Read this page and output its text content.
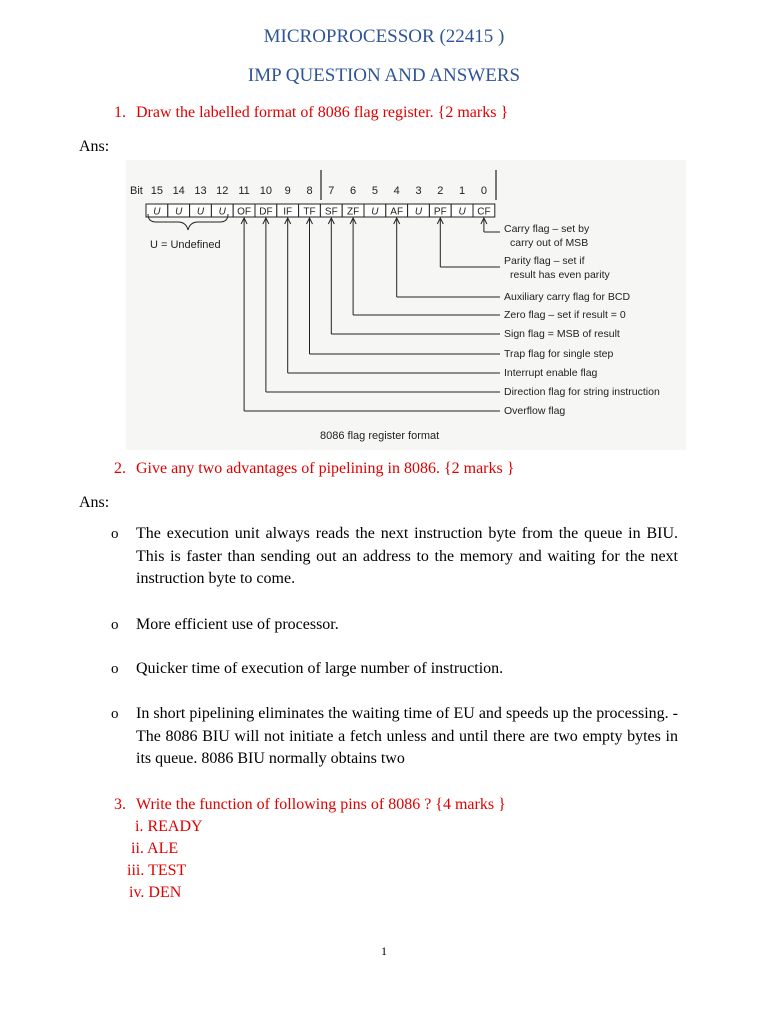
MICROPROCESSOR (22415 )
IMP QUESTION AND ANSWERS
1. Draw the labelled format of 8086 flag register. {2 marks }
Ans:
Bit 15 14 13 12 11 10 9 8 7 6 5 4 3 2 1 0
U U U U OF DF IF TF SF ZF U AF U PF U CF
U = Undefined
Carry flag – set by
carry out of MSB
Parity flag – set if
result has even parity
Auxiliary carry flag for BCD
Zero flag – set if result = 0
Sign flag = MSB of result
Trap flag for single step
Interrupt enable flag
Direction flag for string instruction
Overflow flag
8086 flag register format
2. Give any two advantages of pipelining in 8086. {2 marks }
Ans:
o	The execution unit always reads the next instruction byte from the queue in BIU. This is faster than sending out an address to the memory and waiting for the next instruction byte to come.
o	More efficient use of processor.
o	Quicker time of execution of large number of instruction.
o	In short pipelining eliminates the waiting time of EU and speeds up the processing. -The 8086 BIU will not initiate a fetch unless and until there are two empty bytes in its queue. 8086 BIU normally obtains two
3. Write the function of following pins of 8086 ? {4 marks }
i. READY
ii. ALE
iii. TEST
iv. DEN
1
